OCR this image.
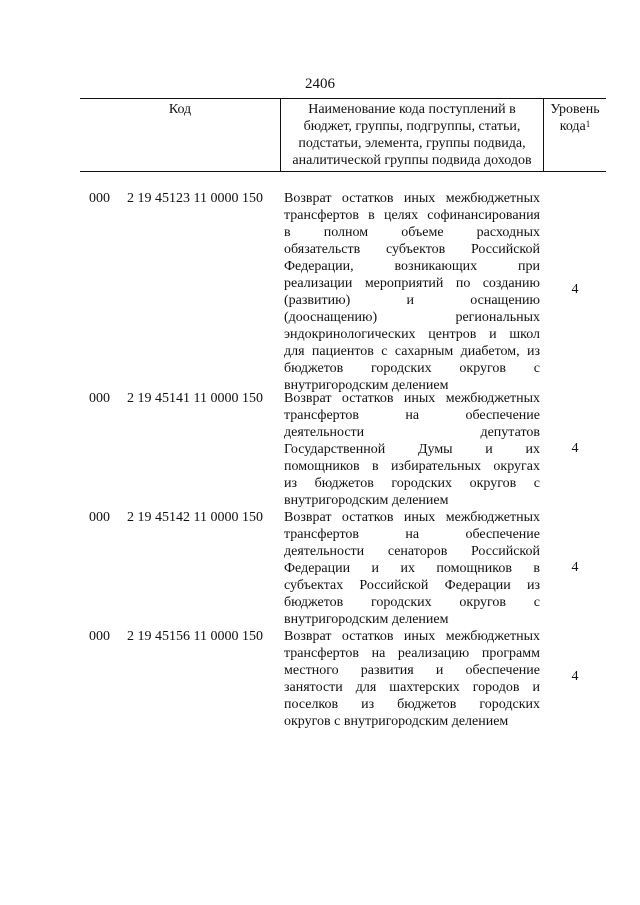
2406
Код	Наименование кода поступлений в
бюджет, группы, подгруппы, статьи,
подстатьи, элемента, группы подвида,
аналитической группы подвида доходов
Уровень
кода$^1$
000 2 19 45123 11 0000 150 Возврат остатков иных межбюджетных
трансфертов в целях софинансирования
в полном объеме расходных
обязательств субъектов Российской
Федерации, возникающих при
реализации мероприятий по созданию
(развитию) и оснащению
(дооснащению) региональных
эндокринологических центров и школ
для пациентов с сахарным диабетом, из
бюджетов городских округов с
внутригородским делением
4
000 2 19 45141 11 0000 150 Возврат остатков иных межбюджетных
трансфертов на обеспечение
деятельности депутатов
Государственной Думы и их
помощников в избирательных округах
из бюджетов городских округов с
внутригородским делением
4
000 2 19 45142 11 0000 150 Возврат остатков иных межбюджетных
трансфертов на обеспечение
деятельности сенаторов Российской
Федерации и их помощников в
субъектах Российской Федерации из
бюджетов городских округов с
внутригородским делением
4
000 2 19 45156 11 0000 150 Возврат остатков иных межбюджетных
трансфертов на реализацию программ
местного развития и обеспечение
занятости для шахтерских городов и
поселков из бюджетов городских
округов с внутригородским делением
4
